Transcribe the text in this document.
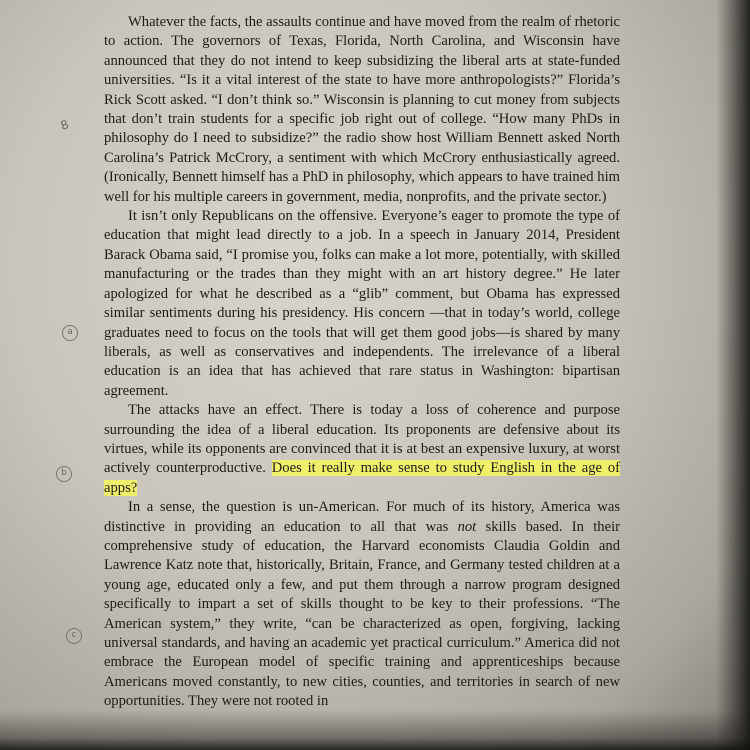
8
a
b
c

Whatever the facts, the assaults continue and have moved from the realm of rhetoric to action. The governors of Texas, Florida, North Carolina, and Wisconsin have announced that they do not intend to keep subsidizing the liberal arts at state-funded universities. “Is it a vital interest of the state to have more anthropologists?” Florida’s Rick Scott asked. “I don’t think so.” Wisconsin is planning to cut money from subjects that don’t train students for a specific job right out of college. “How many PhDs in philosophy do I need to subsidize?” the radio show host William Bennett asked North Carolina’s Patrick McCrory, a sentiment with which McCrory enthusiastically agreed. (Ironically, Bennett himself has a PhD in philosophy, which appears to have trained him well for his multiple careers in government, media, nonprofits, and the private sector.)

It isn’t only Republicans on the offensive. Everyone’s eager to promote the type of education that might lead directly to a job. In a speech in January 2014, President Barack Obama said, “I promise you, folks can make a lot more, potentially, with skilled manufacturing or the trades than they might with an art history degree.” He later apologized for what he described as a “glib” comment, but Obama has expressed similar sentiments during his presidency. His concern —that in today’s world, college graduates need to focus on the tools that will get them good jobs—is shared by many liberals, as well as conservatives and independents. The irrelevance of a liberal education is an idea that has achieved that rare status in Washington: bipartisan agreement.

The attacks have an effect. There is today a loss of coherence and purpose surrounding the idea of a liberal education. Its proponents are defensive about its virtues, while its opponents are convinced that it is at best an expensive luxury, at worst actively counterproductive. Does it really make sense to study English in the age of apps?

In a sense, the question is un-American. For much of its history, America was distinctive in providing an education to all that was not skills based. In their comprehensive study of education, the Harvard economists Claudia Goldin and Lawrence Katz note that, historically, Britain, France, and Germany tested children at a young age, educated only a few, and put them through a narrow program designed specifically to impart a set of skills thought to be key to their professions. “The American system,” they write, “can be characterized as open, forgiving, lacking universal standards, and having an academic yet practical curriculum.” America did not embrace the European model of specific training and apprenticeships because Americans moved constantly, to new cities, counties, and territories in search of new opportunities. They were not rooted in
